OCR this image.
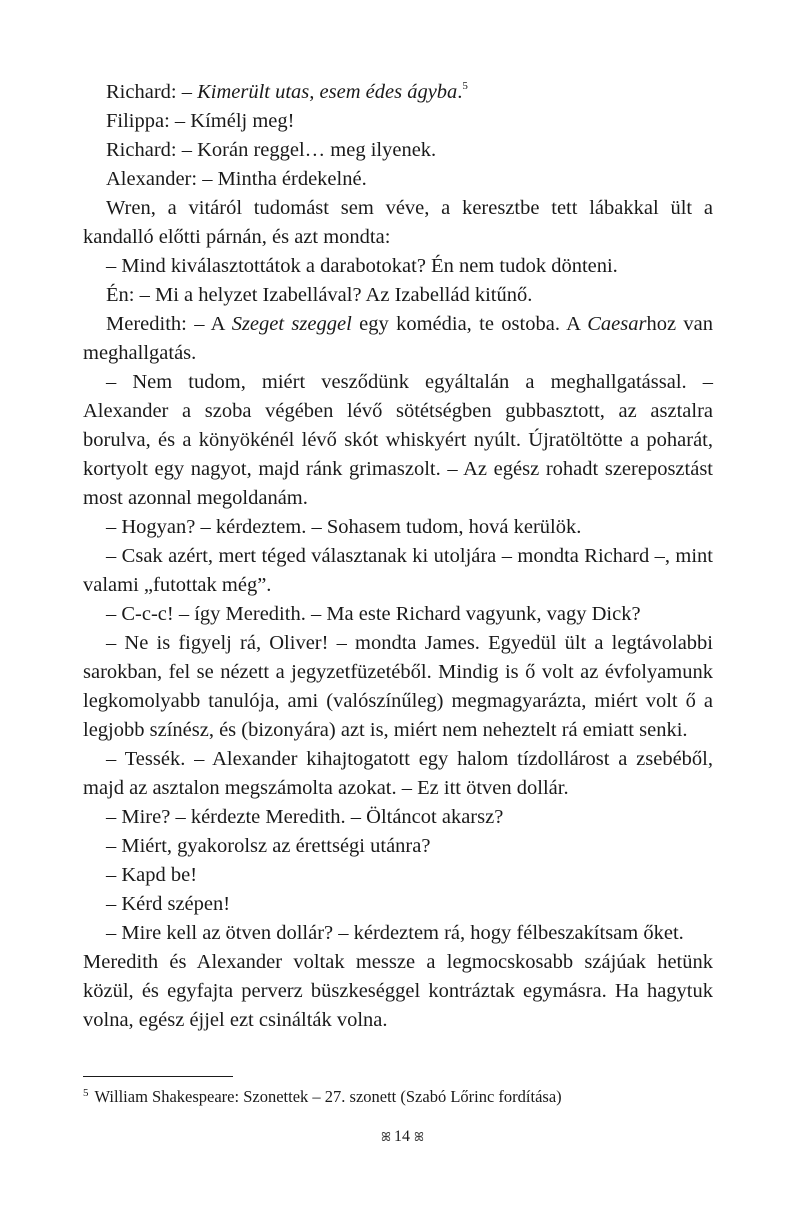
Richard: – Kimerült utas, esem édes ágyba.$^5$

Filippa: – Kímélj meg!

Richard: – Korán reggel… meg ilyenek.

Alexander: – Mintha érdekelné.

Wren, a vitáról tudomást sem véve, a keresztbe tett lábakkal ült a kandalló előtti párnán, és azt mondta:

– Mind kiválasztottátok a darabotokat? Én nem tudok dönteni.

Én: – Mi a helyzet Izabellával? Az Izabellád kitűnő.

Meredith: – A Szeget szeggel egy komédia, te ostoba. A Caesarhoz van meghallgatás.

– Nem tudom, miért vesződünk egyáltalán a meghallgatással. – Alexander a szoba végében lévő sötétségben gubbasztott, az asztalra borulva, és a könyökénél lévő skót whiskyért nyúlt. Újratöltötte a poharát, kortyolt egy nagyot, majd ránk grimaszolt. – Az egész rohadt szereposztást most azonnal megoldanám.

– Hogyan? – kérdeztem. – Sohasem tudom, hová kerülök.

– Csak azért, mert téged választanak ki utoljára – mondta Richard –, mint valami „futottak még”.

– C-c-c! – így Meredith. – Ma este Richard vagyunk, vagy Dick?

– Ne is figyelj rá, Oliver! – mondta James. Egyedül ült a legtávolabbi sarokban, fel se nézett a jegyzetfüzetéből. Mindig is ő volt az évfolyamunk legkomolyabb tanulója, ami (valószínűleg) megmagyarázta, miért volt ő a legjobb színész, és (bizonyára) azt is, miért nem neheztelt rá emiatt senki.

– Tessék. – Alexander kihajtogatott egy halom tízdollárost a zsebéből, majd az asztalon megszámolta azokat. – Ez itt ötven dollár.

– Mire? – kérdezte Meredith. – Öltáncot akarsz?

– Miért, gyakorolsz az érettségi utánra?

– Kapd be!

– Kérd szépen!

– Mire kell az ötven dollár? – kérdeztem rá, hogy félbeszakítsam őket.

Meredith és Alexander voltak messze a legmocskosabb szájúak hetünk közül, és egyfajta perverz büszkeséggel kontráztak egymásra. Ha hagytuk volna, egész éjjel ezt csinálták volna.

$^5$ William Shakespeare: Szonettek – 27. szonett (Szabó Lőrinc fordítása)
ꕤ 14 ꕤ
